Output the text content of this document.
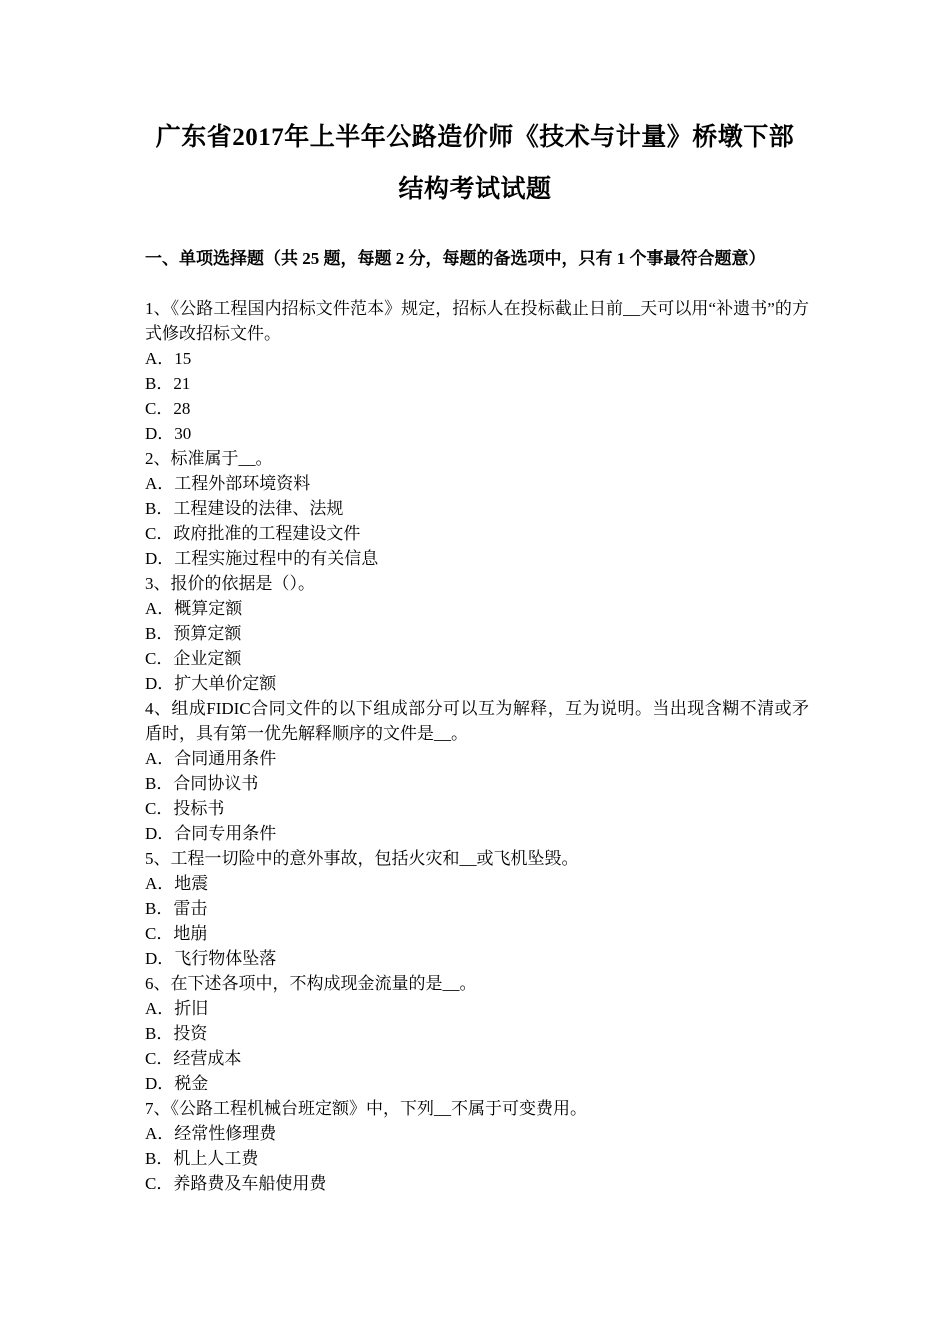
广东省2017年上半年公路造价师《技术与计量》桥墩下部
结构考试试题
一、单项选择题（共 25 题，每题 2 分，每题的备选项中，只有 1 个事最符合题意）
1、《公路工程国内招标文件范本》规定，招标人在投标截止日前__天可以用“补遗书”的方式修改招标文件。
A．15
B．21
C．28
D．30
2、标准属于__。
A．工程外部环境资料
B．工程建设的法律、法规
C．政府批准的工程建设文件
D．工程实施过程中的有关信息
3、报价的依据是（）。
A．概算定额
B．预算定额
C．企业定额
D．扩大单价定额
4、组成FIDIC合同文件的以下组成部分可以互为解释，互为说明。当出现含糊不清或矛盾时，具有第一优先解释顺序的文件是__。
A．合同通用条件
B．合同协议书
C．投标书
D．合同专用条件
5、工程一切险中的意外事故，包括火灾和__或飞机坠毁。
A．地震
B．雷击
C．地崩
D．飞行物体坠落
6、在下述各项中，不构成现金流量的是__。
A．折旧
B．投资
C．经营成本
D．税金
7、《公路工程机械台班定额》中，下列__不属于可变费用。
A．经常性修理费
B．机上人工费
C．养路费及车船使用费
